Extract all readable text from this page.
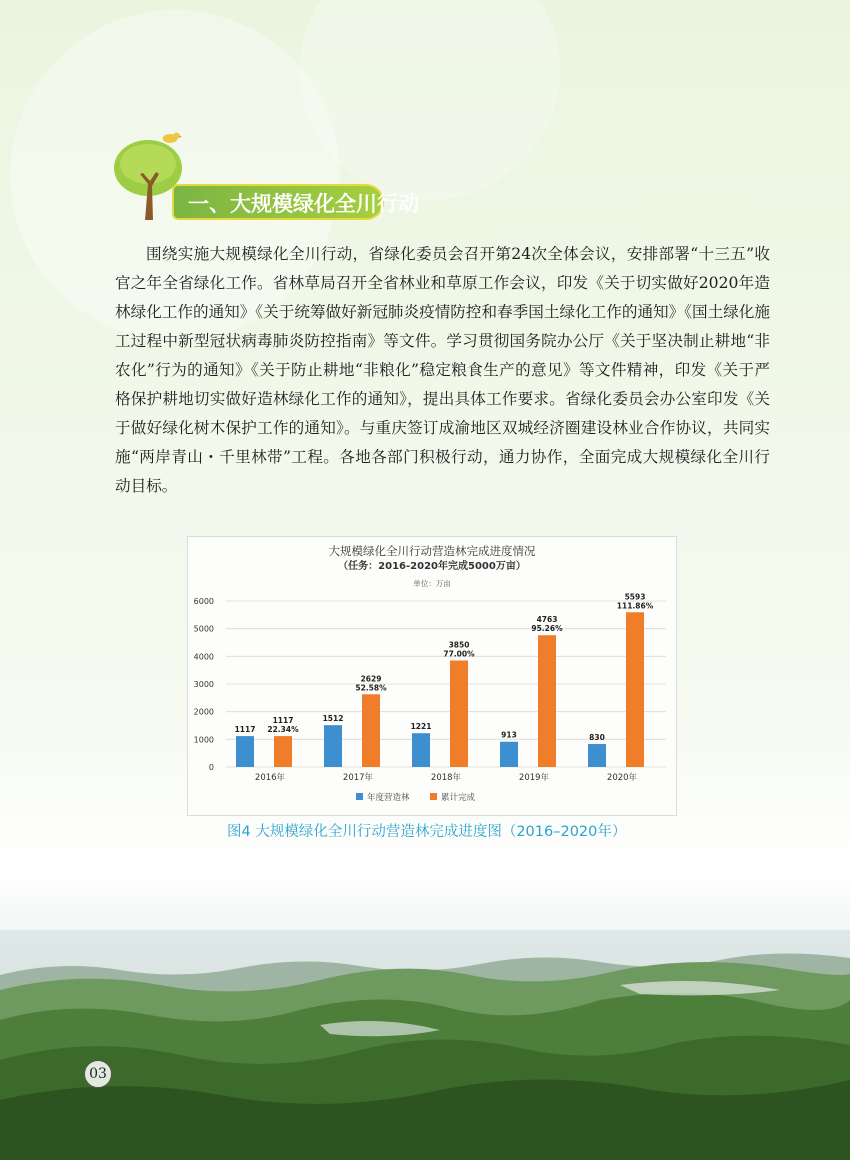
一、大规模绿化全川行动

围绕实施大规模绿化全川行动，省绿化委员会召开第24次全体会议，安排部署“十三五”收官之年全省绿化工作。省林草局召开全省林业和草原工作会议，印发《关于切实做好2020年造林绿化工作的通知》《关于统筹做好新冠肺炎疫情防控和春季国土绿化工作的通知》《国土绿化施工过程中新型冠状病毒肺炎防控指南》等文件。学习贯彻国务院办公厅《关于坚决制止耕地“非农化”行为的通知》《关于防止耕地“非粮化”稳定粮食生产的意见》等文件精神，印发《关于严格保护耕地切实做好造林绿化工作的通知》，提出具体工作要求。省绿化委员会办公室印发《关于做好绿化树木保护工作的通知》。与重庆签订成渝地区双城经济圈建设林业合作协议，共同实施“两岸青山・千里林带”工程。各地各部门积极行动，通力协作，全面完成大规模绿化全川行动目标。

大规模绿化全川行动营造林完成进度情况
（任务：2016-2020年完成5000万亩）
单位：万亩
0
1000
2000
3000
4000
5000
6000
2016年
1117
1117
22.34%
2017年
1512
2629
52.58%
2018年
1221
3850
77.00%
2019年
913
4763
95.26%
2020年
830
5593
111.86%
年度营造林	累计完成
图4 大规模绿化全川行动营造林完成进度图（2016–2020年）
03
